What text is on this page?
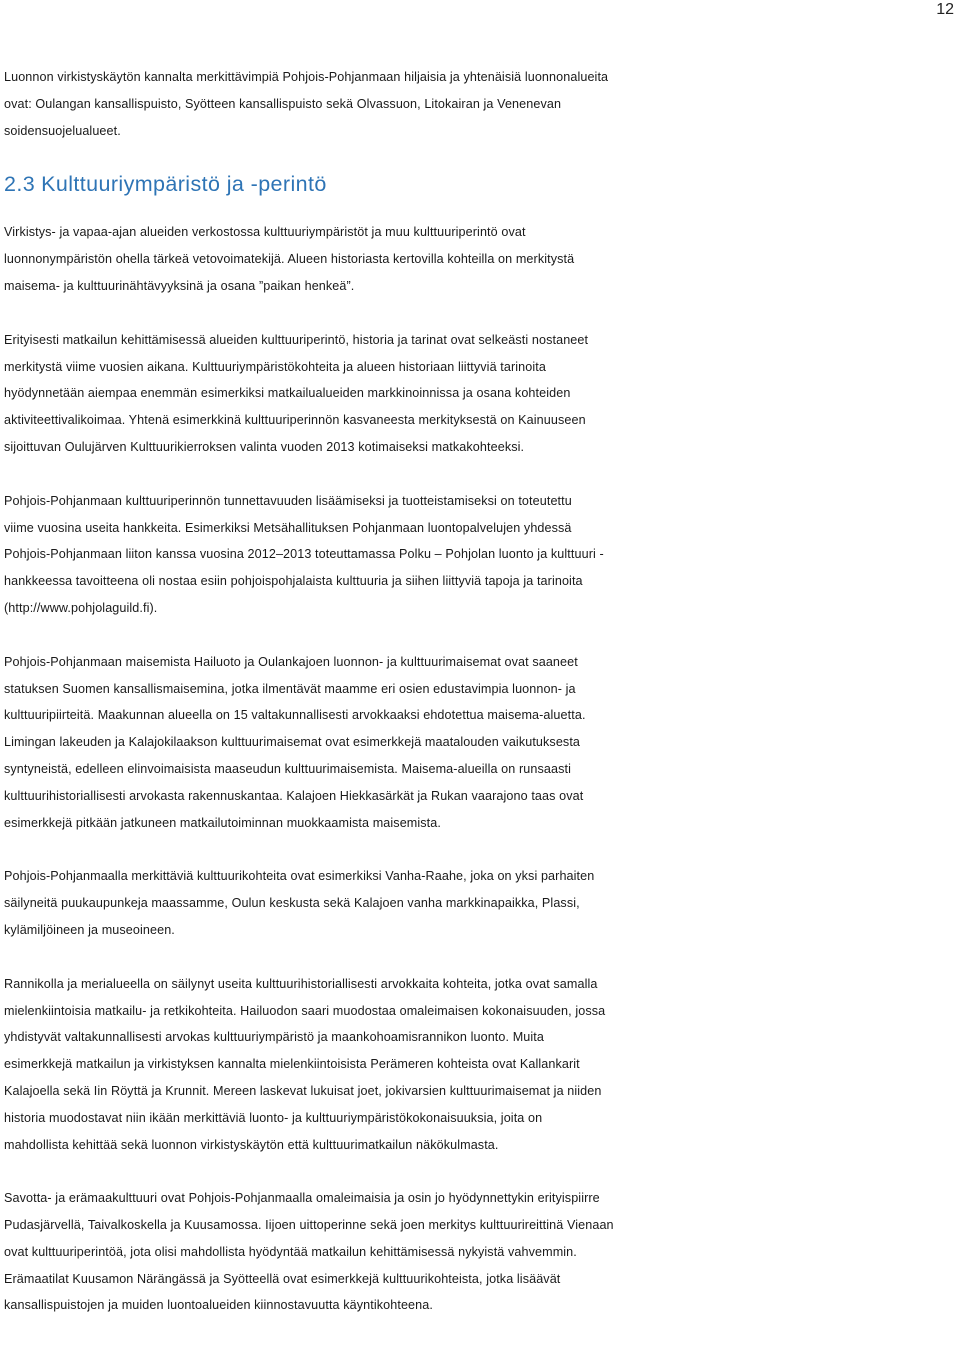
12

Luonnon virkistyskäytön kannalta merkittävimpiä Pohjois-Pohjanmaan hiljaisia ja yhtenäisiä luonnonalueita
ovat: Oulangan kansallispuisto, Syötteen kansallispuisto sekä Olvassuon, Litokairan ja Venenevan
soidensuojelualueet.

2.3 Kulttuuriympäristö ja -perintö

Virkistys- ja vapaa-ajan alueiden verkostossa kulttuuriympäristöt ja muu kulttuuriperintö ovat
luonnonympäristön ohella tärkeä vetovoimatekijä. Alueen historiasta kertovilla kohteilla on merkitystä
maisema- ja kulttuurinähtävyyksinä ja osana ”paikan henkeä”.

Erityisesti matkailun kehittämisessä alueiden kulttuuriperintö, historia ja tarinat ovat selkeästi nostaneet
merkitystä viime vuosien aikana. Kulttuuriympäristökohteita ja alueen historiaan liittyviä tarinoita
hyödynnetään aiempaa enemmän esimerkiksi matkailualueiden markkinoinnissa ja osana kohteiden
aktiviteettivalikoimaa. Yhtenä esimerkkinä kulttuuriperinnön kasvaneesta merkityksestä on Kainuuseen
sijoittuvan Oulujärven Kulttuurikierroksen valinta vuoden 2013 kotimaiseksi matkakohteeksi.

Pohjois-Pohjanmaan kulttuuriperinnön tunnettavuuden lisäämiseksi ja tuotteistamiseksi on toteutettu
viime vuosina useita hankkeita. Esimerkiksi Metsähallituksen Pohjanmaan luontopalvelujen yhdessä
Pohjois-Pohjanmaan liiton kanssa vuosina 2012–2013 toteuttamassa Polku – Pohjolan luonto ja kulttuuri -
hankkeessa tavoitteena oli nostaa esiin pohjoispohjalaista kulttuuria ja siihen liittyviä tapoja ja tarinoita
(http://www.pohjolaguild.fi).

Pohjois-Pohjanmaan maisemista Hailuoto ja Oulankajoen luonnon- ja kulttuurimaisemat ovat saaneet
statuksen Suomen kansallismaisemina, jotka ilmentävät maamme eri osien edustavimpia luonnon- ja
kulttuuripiirteitä. Maakunnan alueella on 15 valtakunnallisesti arvokkaaksi ehdotettua maisema-aluetta.
Limingan lakeuden ja Kalajokilaakson kulttuurimaisemat ovat esimerkkejä maatalouden vaikutuksesta
syntyneistä, edelleen elinvoimaisista maaseudun kulttuurimaisemista. Maisema-alueilla on runsaasti
kulttuurihistoriallisesti arvokasta rakennuskantaa. Kalajoen Hiekkasärkät ja Rukan vaarajono taas ovat
esimerkkejä pitkään jatkuneen matkailutoiminnan muokkaamista maisemista.

Pohjois-Pohjanmaalla merkittäviä kulttuurikohteita ovat esimerkiksi Vanha-Raahe, joka on yksi parhaiten
säilyneitä puukaupunkeja maassamme, Oulun keskusta sekä Kalajoen vanha markkinapaikka, Plassi,
kylämiljöineen ja museoineen.

Rannikolla ja merialueella on säilynyt useita kulttuurihistoriallisesti arvokkaita kohteita, jotka ovat samalla
mielenkiintoisia matkailu- ja retkikohteita. Hailuodon saari muodostaa omaleimaisen kokonaisuuden, jossa
yhdistyvät valtakunnallisesti arvokas kulttuuriympäristö ja maankohoamisrannikon luonto. Muita
esimerkkejä matkailun ja virkistyksen kannalta mielenkiintoisista Perämeren kohteista ovat Kallankarit
Kalajoella sekä Iin Röyttä ja Krunnit. Mereen laskevat lukuisat joet, jokivarsien kulttuurimaisemat ja niiden
historia muodostavat niin ikään merkittäviä luonto- ja kulttuuriympäristökokonaisuuksia, joita on
mahdollista kehittää sekä luonnon virkistyskäytön että kulttuurimatkailun näkökulmasta.

Savotta- ja erämaakulttuuri ovat Pohjois-Pohjanmaalla omaleimaisia ja osin jo hyödynnettykin erityispiirre
Pudasjärvellä, Taivalkoskella ja Kuusamossa. Iijoen uittoperinne sekä joen merkitys kulttuurireittinä Vienaan
ovat kulttuuriperintöä, jota olisi mahdollista hyödyntää matkailun kehittämisessä nykyistä vahvemmin.
Erämaatilat Kuusamon Närängässä ja Syötteellä ovat esimerkkejä kulttuurikohteista, jotka lisäävät
kansallispuistojen ja muiden luontoalueiden kiinnostavuutta käyntikohteena.
